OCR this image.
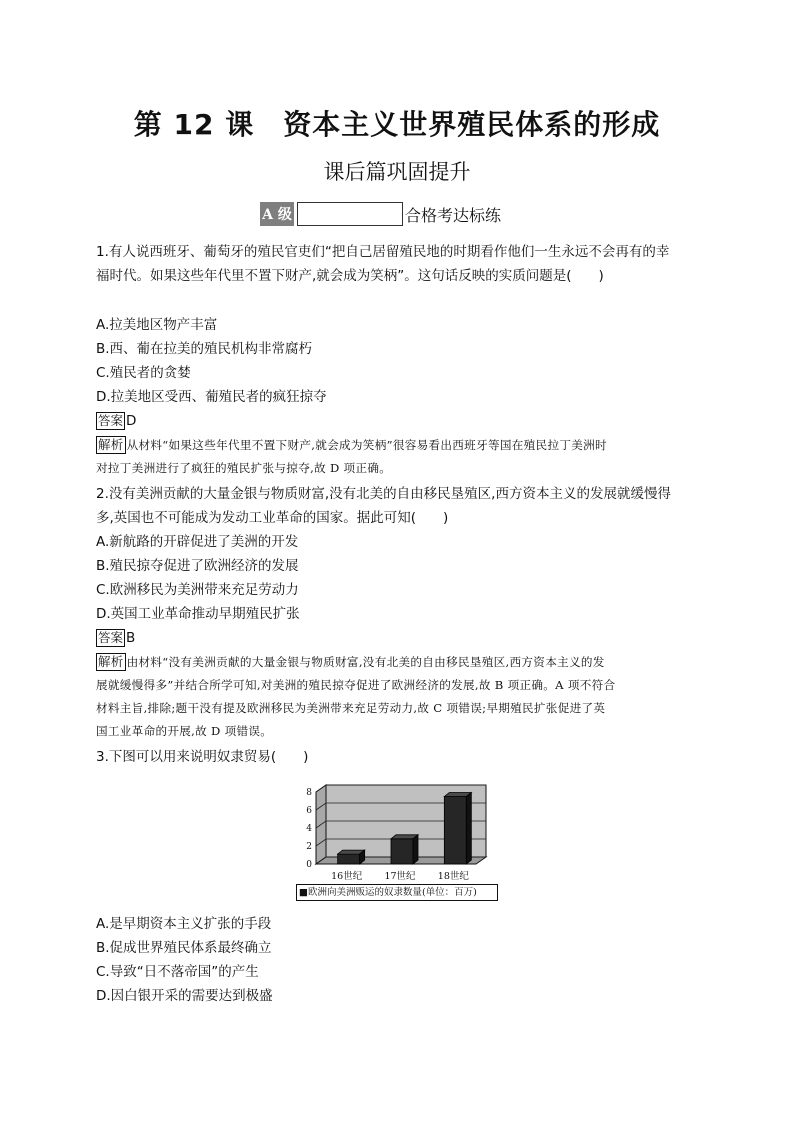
第 12 课　资本主义世界殖民体系的形成
课后篇巩固提升
A 级	合格考达标练
1.有人说西班牙、葡萄牙的殖民官吏们“把自己居留殖民地的时期看作他们一生永远不会再有的幸
福时代。如果这些年代里不置下财产,就会成为笑柄”。这句话反映的实质问题是(　　)
A.拉美地区物产丰富
B.西、葡在拉美的殖民机构非常腐朽
C.殖民者的贪婪
D.拉美地区受西、葡殖民者的疯狂掠夺
答案 D
解析 从材料“如果这些年代里不置下财产,就会成为笑柄”很容易看出西班牙等国在殖民拉丁美洲时
对拉丁美洲进行了疯狂的殖民扩张与掠夺,故 D 项正确。
2.没有美洲贡献的大量金银与物质财富,没有北美的自由移民垦殖区,西方资本主义的发展就缓慢得
多,英国也不可能成为发动工业革命的国家。据此可知(　　)
A.新航路的开辟促进了美洲的开发
B.殖民掠夺促进了欧洲经济的发展
C.欧洲移民为美洲带来充足劳动力
D.英国工业革命推动早期殖民扩张
答案 B
解析 由材料“没有美洲贡献的大量金银与物质财富,没有北美的自由移民垦殖区,西方资本主义的发
展就缓慢得多”并结合所学可知,对美洲的殖民掠夺促进了欧洲经济的发展,故 B 项正确。A 项不符合
材料主旨,排除;题干没有提及欧洲移民为美洲带来充足劳动力,故 C 项错误;早期殖民扩张促进了英
国工业革命的开展,故 D 项错误。
3.下图可以用来说明奴隶贸易(　　)
0
2
4
6
8
16世纪 17世纪 18世纪
■欧洲向美洲贩运的奴隶数量(单位：百万)
A.是早期资本主义扩张的手段
B.促成世界殖民体系最终确立
C.导致“日不落帝国”的产生
D.因白银开采的需要达到极盛
